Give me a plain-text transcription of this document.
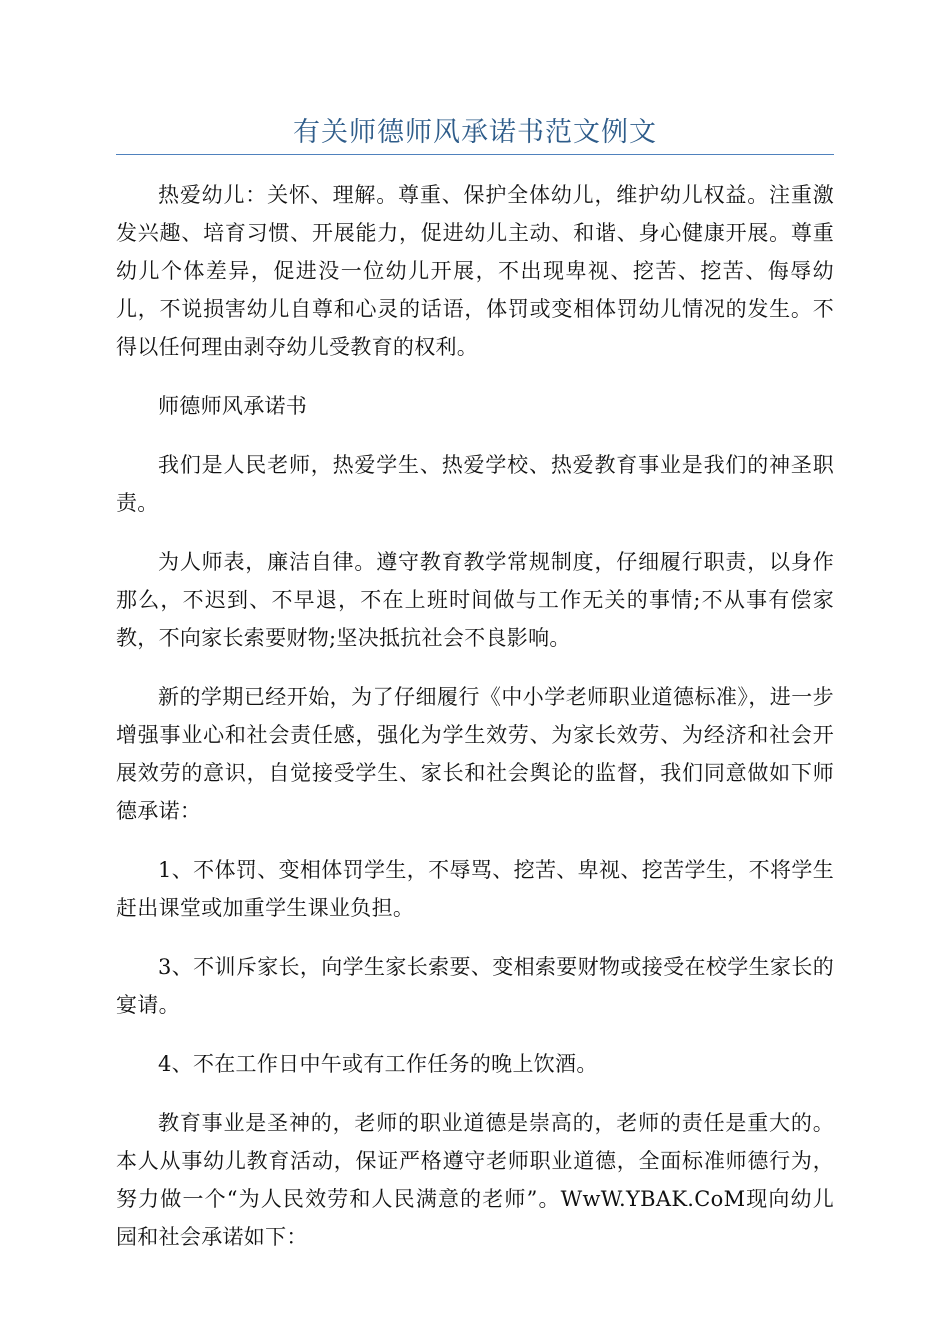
有关师德师风承诺书范文例文

热爱幼儿：关怀、理解。尊重、保护全体幼儿，维护幼儿权益。注重激发兴趣、培育习惯、开展能力，促进幼儿主动、和谐、身心健康开展。尊重幼儿个体差异，促进没一位幼儿开展，不出现卑视、挖苦、挖苦、侮辱幼儿，不说损害幼儿自尊和心灵的话语，体罚或变相体罚幼儿情况的发生。不得以任何理由剥夺幼儿受教育的权利。

师德师风承诺书

我们是人民老师，热爱学生、热爱学校、热爱教育事业是我们的神圣职责。

为人师表，廉洁自律。遵守教育教学常规制度，仔细履行职责，以身作那么，不迟到、不早退，不在上班时间做与工作无关的事情;不从事有偿家教，不向家长索要财物;坚决抵抗社会不良影响。

新的学期已经开始，为了仔细履行《中小学老师职业道德标准》，进一步增强事业心和社会责任感，强化为学生效劳、为家长效劳、为经济和社会开展效劳的意识，自觉接受学生、家长和社会舆论的监督，我们同意做如下师德承诺：

1、不体罚、变相体罚学生，不辱骂、挖苦、卑视、挖苦学生，不将学生赶出课堂或加重学生课业负担。

3、不训斥家长，向学生家长索要、变相索要财物或接受在校学生家长的宴请。

4、不在工作日中午或有工作任务的晚上饮酒。

教育事业是圣神的，老师的职业道德是崇高的，老师的责任是重大的。本人从事幼儿教育活动，保证严格遵守老师职业道德，全面标准师德行为，努力做一个“为人民效劳和人民满意的老师”。WwW.YBAK.CoM现向幼儿园和社会承诺如下：
